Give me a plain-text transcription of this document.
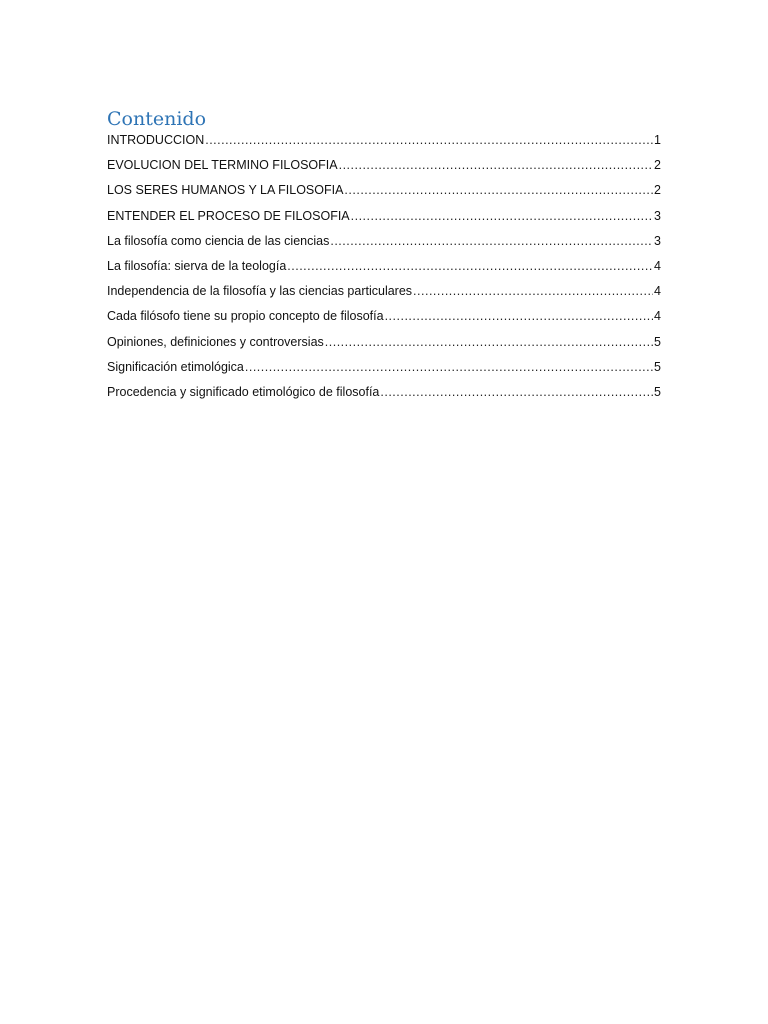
Contenido
INTRODUCCION .....	1
EVOLUCION DEL TERMINO FILOSOFIA .....	2
LOS SERES HUMANOS Y LA FILOSOFIA .....	2
ENTENDER EL PROCESO DE FILOSOFIA .....	3
La filosofía como ciencia de las ciencias .....	3
La filosofía: sierva de la teología .....	4
Independencia de la filosofía y las ciencias particulares .....	4
Cada filósofo tiene su propio concepto de filosofía .....	4
Opiniones, definiciones y controversias .....	5
Significación etimológica .....	5
Procedencia y significado etimológico de filosofía .....	5
